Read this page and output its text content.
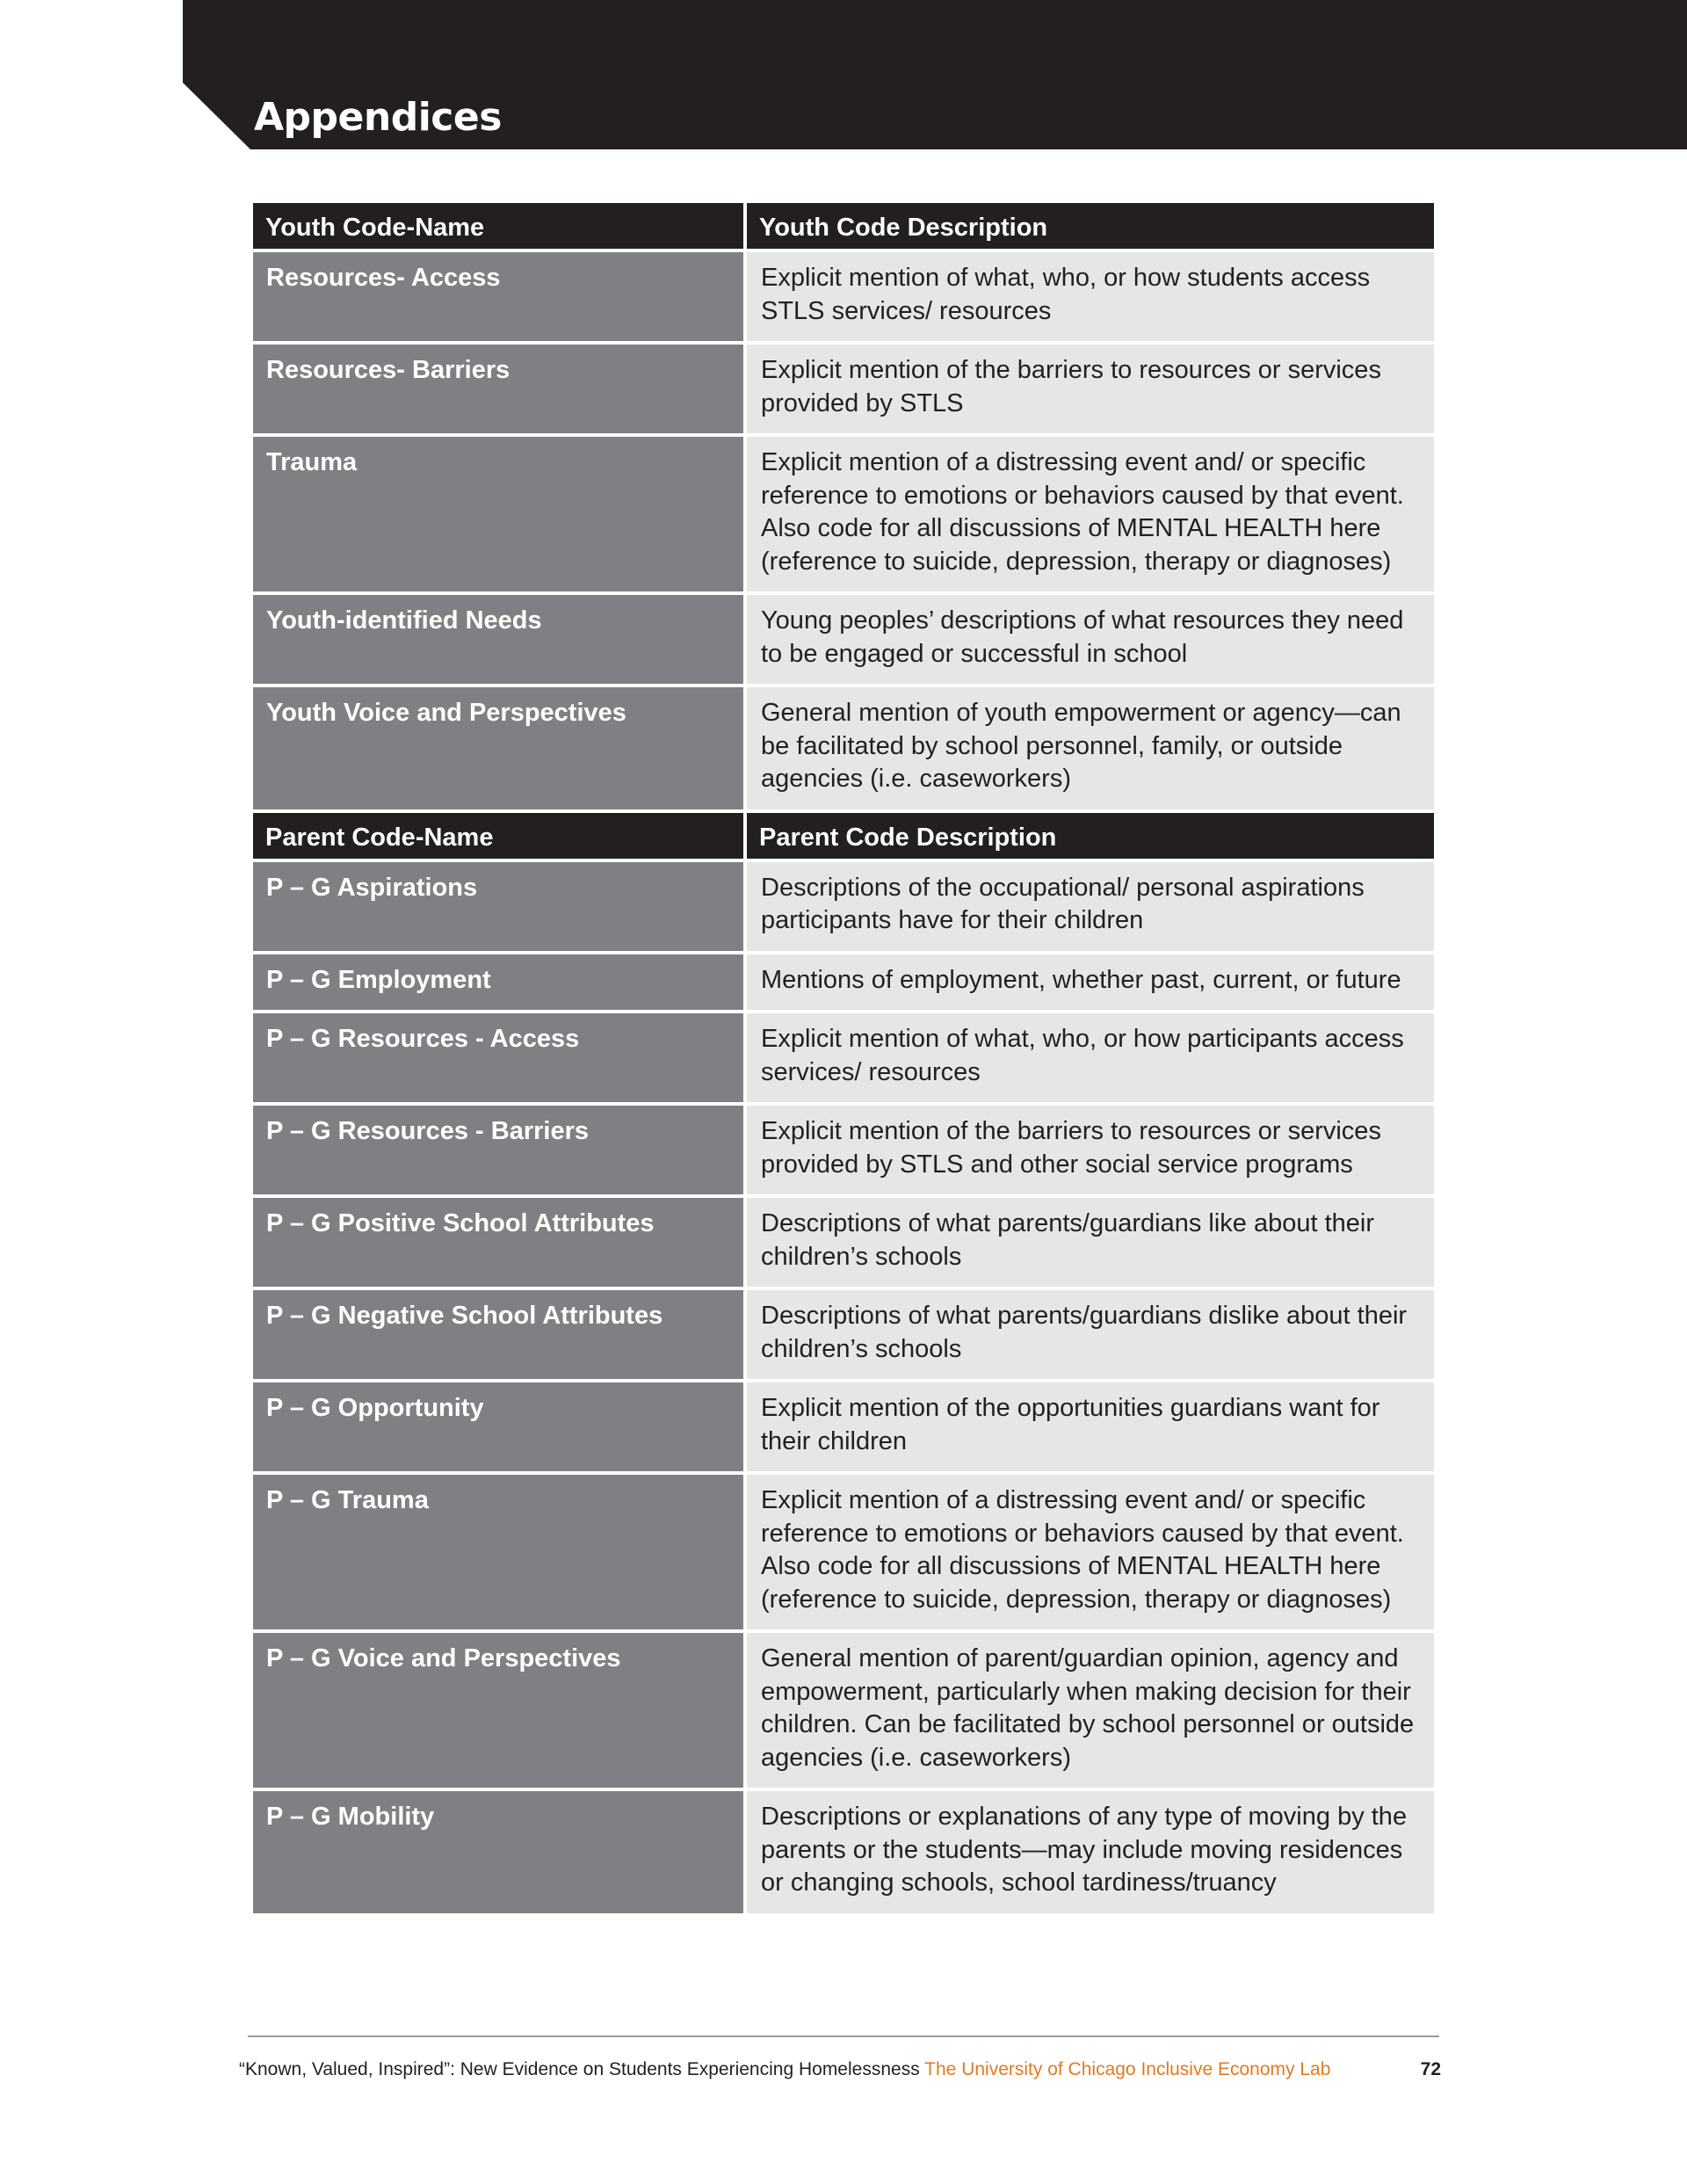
Appendices
Youth Code-Name	Youth Code Description
Resources- Access	Explicit mention of what, who, or how students access STLS services/ resources
Resources- Barriers	Explicit mention of the barriers to resources or services provided by STLS
Trauma	Explicit mention of a distressing event and/ or specific reference to emotions or behaviors caused by that event. Also code for all discussions of MENTAL HEALTH here (reference to suicide, depression, therapy or diagnoses)
Youth-identified Needs	Young peoples’ descriptions of what resources they need to be engaged or successful in school
Youth Voice and Perspectives	General mention of youth empowerment or agency—can be facilitated by school personnel, family, or outside agencies (i.e. caseworkers)
Parent Code-Name	Parent Code Description
P – G Aspirations	Descriptions of the occupational/ personal aspirations participants have for their children
P – G Employment	Mentions of employment, whether past, current, or future
P – G Resources - Access	Explicit mention of what, who, or how participants access services/ resources
P – G Resources - Barriers	Explicit mention of the barriers to resources or services provided by STLS and other social service programs
P – G Positive School Attributes	Descriptions of what parents/guardians like about their children’s schools
P – G Negative School Attributes	Descriptions of what parents/guardians dislike about their children’s schools
P – G Opportunity	Explicit mention of the opportunities guardians want for their children
P – G Trauma	Explicit mention of a distressing event and/ or specific reference to emotions or behaviors caused by that event. Also code for all discussions of MENTAL HEALTH here (reference to suicide, depression, therapy or diagnoses)
P – G Voice and Perspectives	General mention of parent/guardian opinion, agency and empowerment, particularly when making decision for their children. Can be facilitated by school personnel or outside agencies (i.e. caseworkers)
P – G Mobility	Descriptions or explanations of any type of moving by the parents or the students—may include moving residences or changing schools, school tardiness/truancy
“Known, Valued, Inspired”: New Evidence on Students Experiencing Homelessness The University of Chicago Inclusive Economy Lab	72
